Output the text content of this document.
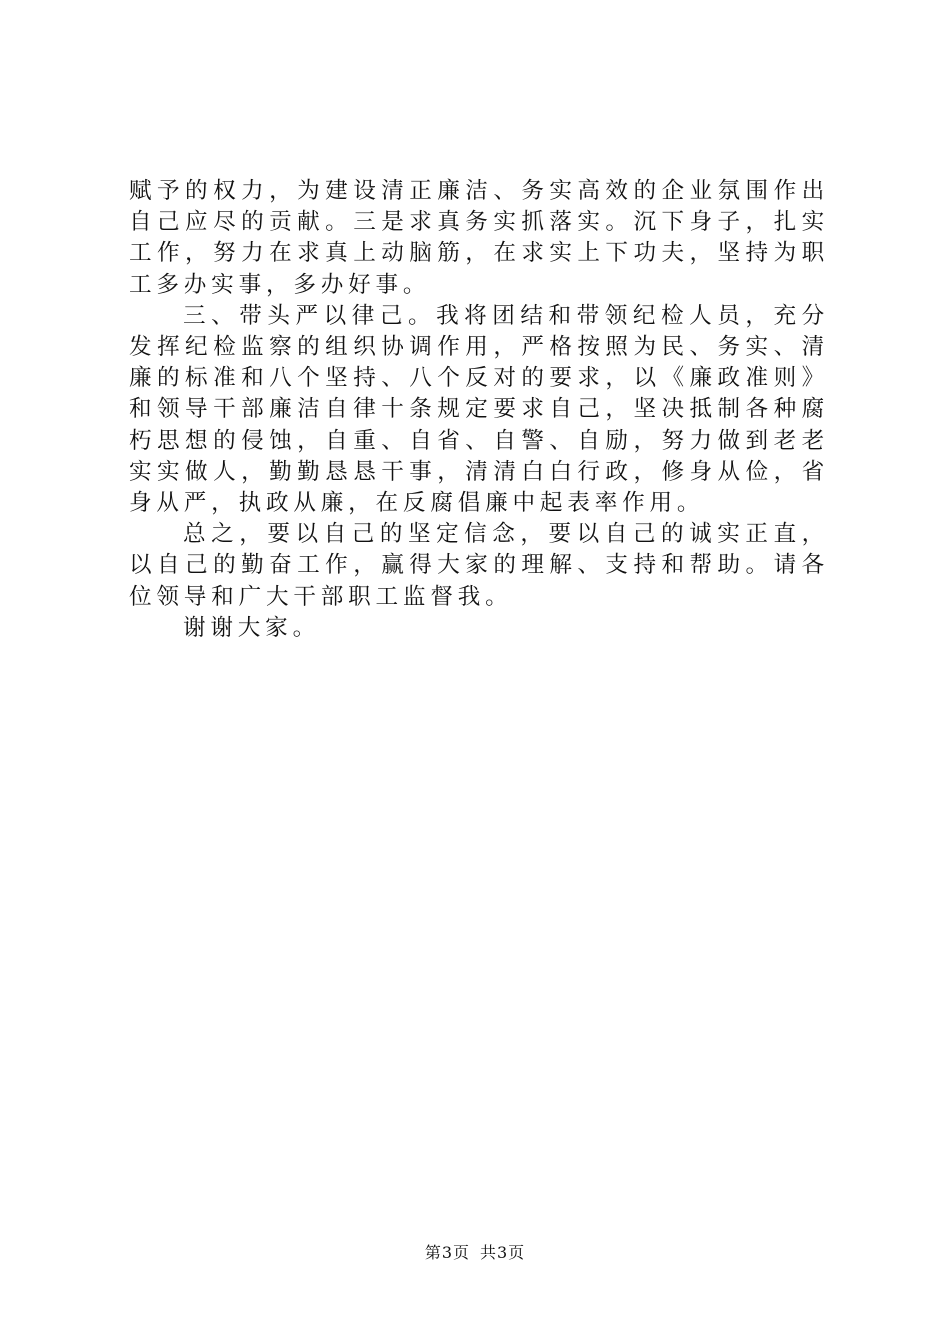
赋予的权力，为建设清正廉洁、务实高效的企业氛围作出自己应尽的贡献。三是求真务实抓落实。沉下身子，扎实工作，努力在求真上动脑筋，在求实上下功夫，坚持为职工多办实事，多办好事。

三、带头严以律己。我将团结和带领纪检人员，充分发挥纪检监察的组织协调作用，严格按照为民、务实、清廉的标准和八个坚持、八个反对的要求，以《廉政准则》和领导干部廉洁自律十条规定要求自己，坚决抵制各种腐朽思想的侵蚀，自重、自省、自警、自励，努力做到老老实实做人，勤勤恳恳干事，清清白白行政，修身从俭，省身从严，执政从廉，在反腐倡廉中起表率作用。

总之，要以自己的坚定信念，要以自己的诚实正直，以自己的勤奋工作，赢得大家的理解、支持和帮助。请各位领导和广大干部职工监督我。

谢谢大家。

第3页 共3页
